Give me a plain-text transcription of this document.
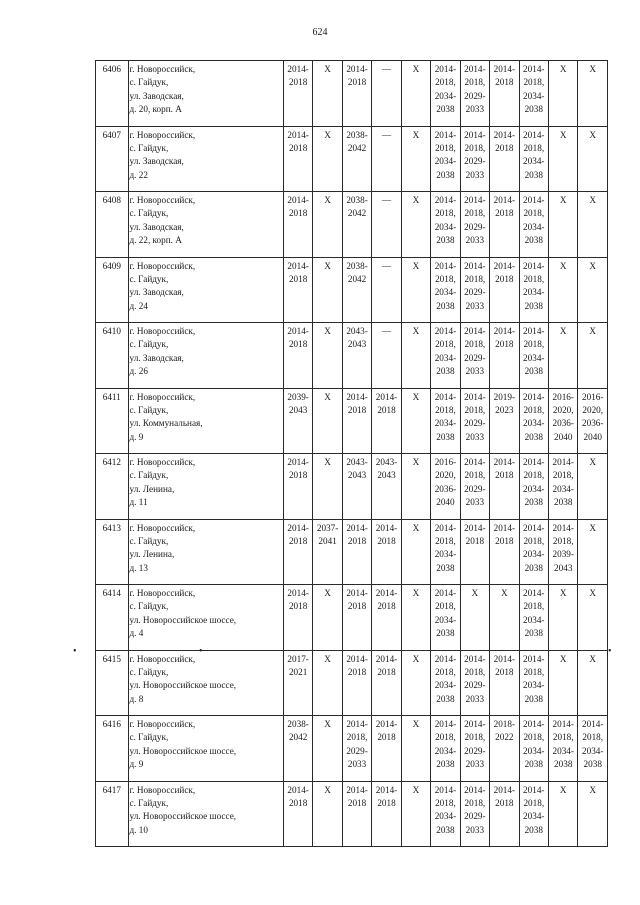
624
•	•	•
6406	г. Новороссийск,
с. Гайдук,
ул. Заводская,
д. 20, корп. А	2014-
2018	X	2014-
2018	—	X	2014-
2018,
2034-
2038	2014-
2018,
2029-
2033	2014-
2018	2014-
2018,
2034-
2038	X	X

6407	г. Новороссийск,
с. Гайдук,
ул. Заводская,
д. 22	2014-
2018	X	2038-
2042	—	X	2014-
2018,
2034-
2038	2014-
2018,
2029-
2033	2014-
2018	2014-
2018,
2034-
2038	X	X

6408	г. Новороссийск,
с. Гайдук,
ул. Заводская,
д. 22, корп. А	2014-
2018	X	2038-
2042	—	X	2014-
2018,
2034-
2038	2014-
2018,
2029-
2033	2014-
2018	2014-
2018,
2034-
2038	X	X

6409	г. Новороссийск,
с. Гайдук,
ул. Заводская,
д. 24	2014-
2018	X	2038-
2042	—	X	2014-
2018,
2034-
2038	2014-
2018,
2029-
2033	2014-
2018	2014-
2018,
2034-
2038	X	X

6410	г. Новороссийск,
с. Гайдук,
ул. Заводская,
д. 26	2014-
2018	X	2043-
2043	—	X	2014-
2018,
2034-
2038	2014-
2018,
2029-
2033	2014-
2018	2014-
2018,
2034-
2038	X	X

6411	г. Новороссийск,
с. Гайдук,
ул. Коммунальная,
д. 9	2039-
2043	X	2014-
2018	2014-
2018	X	2014-
2018,
2034-
2038	2014-
2018,
2029-
2033	2019-
2023	2014-
2018,
2034-
2038	2016-
2020,
2036-
2040	2016-
2020,
2036-
2040

6412	г. Новороссийск,
с. Гайдук,
ул. Ленина,
д. 11	2014-
2018	X	2043-
2043	2043-
2043	X	2016-
2020,
2036-
2040	2014-
2018,
2029-
2033	2014-
2018	2014-
2018,
2034-
2038	2014-
2018,
2034-
2038	X

6413	г. Новороссийск,
с. Гайдук,
ул. Ленина,
д. 13	2014-
2018	2037-
2041	2014-
2018	2014-
2018	X	2014-
2018,
2034-
2038	2014-
2018	2014-
2018	2014-
2018,
2034-
2038	2014-
2018,
2039-
2043	X

6414	г. Новороссийск,
с. Гайдук,
ул. Новороссийское шоссе,
д. 4	2014-
2018	X	2014-
2018	2014-
2018	X	2014-
2018,
2034-
2038	X	X	2014-
2018,
2034-
2038	X	X

6415	г. Новороссийск,
с. Гайдук,
ул. Новороссийское шоссе,
д. 8	2017-
2021	X	2014-
2018	2014-
2018	X	2014-
2018,
2034-
2038	2014-
2018,
2029-
2033	2014-
2018	2014-
2018,
2034-
2038	X	X

6416	г. Новороссийск,
с. Гайдук,
ул. Новороссийское шоссе,
д. 9	2038-
2042	X	2014-
2018,
2029-
2033	2014-
2018	X	2014-
2018,
2034-
2038	2014-
2018,
2029-
2033	2018-
2022	2014-
2018,
2034-
2038	2014-
2018,
2034-
2038	2014-
2018,
2034-
2038

6417	г. Новороссийск,
с. Гайдук,
ул. Новороссийское шоссе,
д. 10	2014-
2018	X	2014-
2018	2014-
2018	X	2014-
2018,
2034-
2038	2014-
2018,
2029-
2033	2014-
2018	2014-
2018,
2034-
2038	X	X
